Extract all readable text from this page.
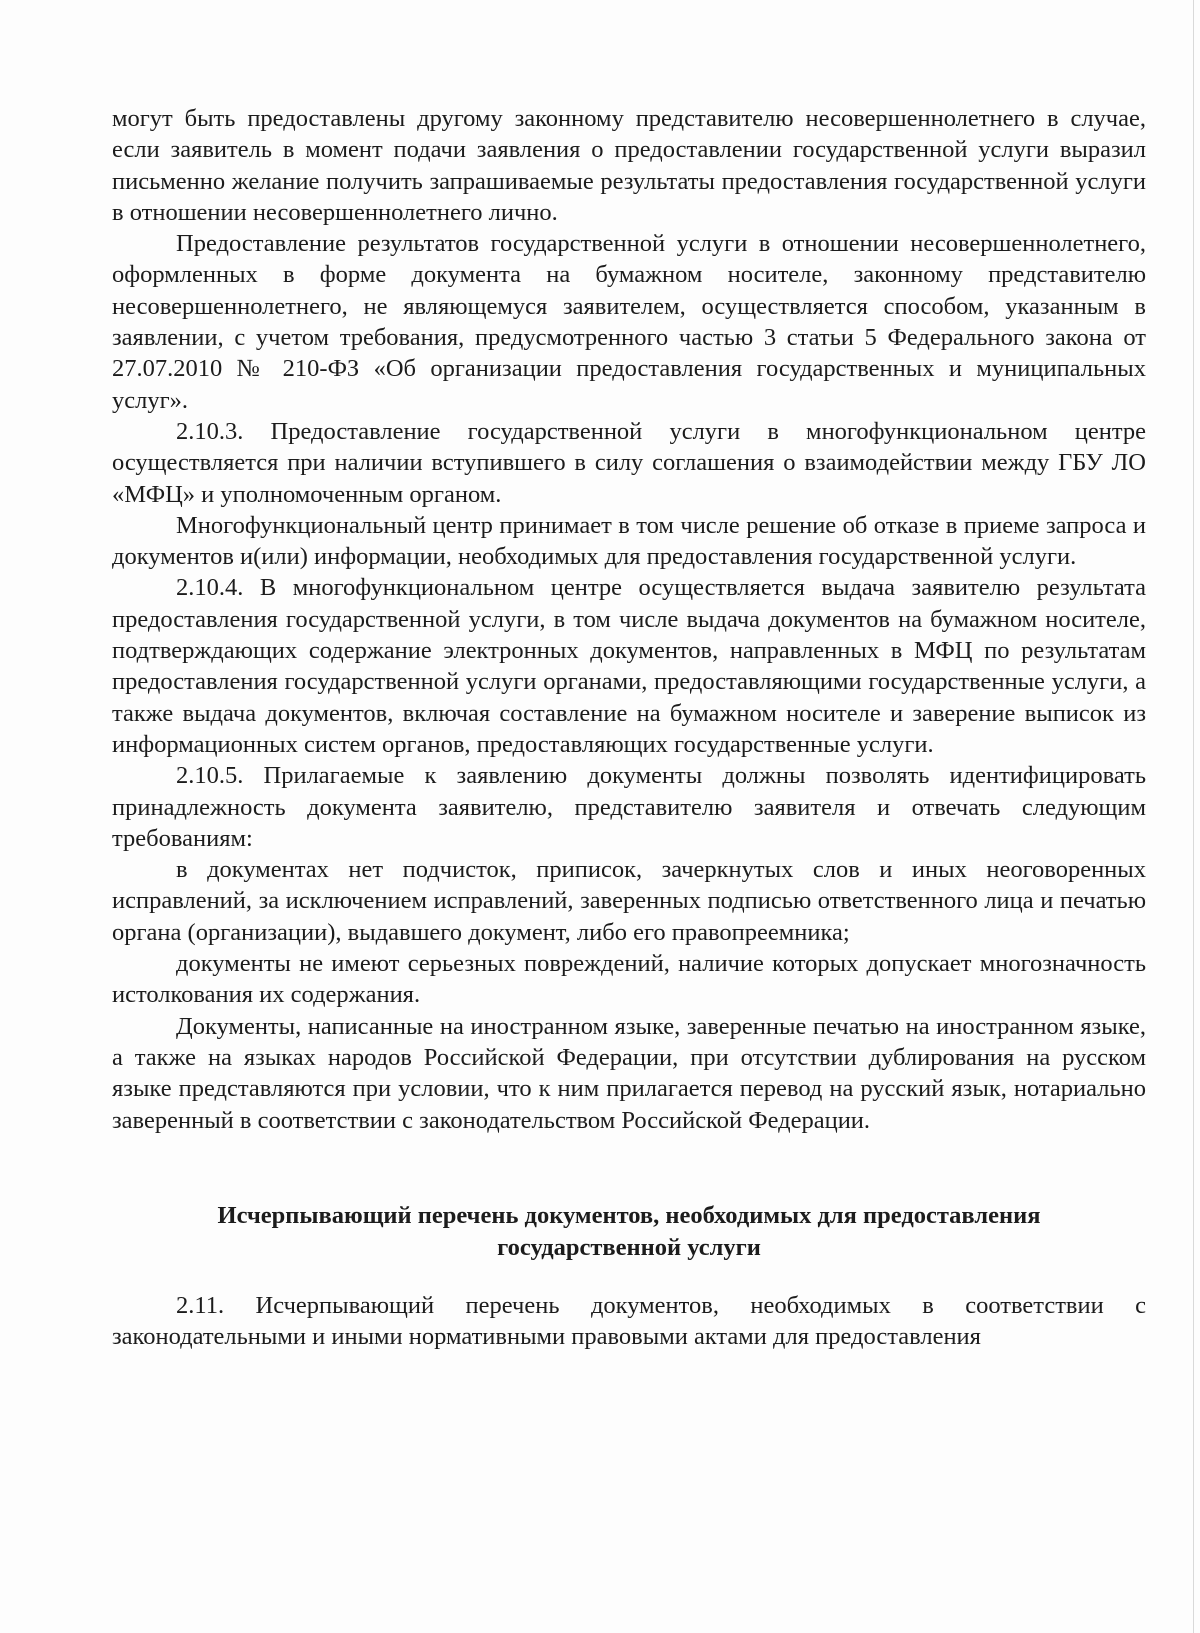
могут быть предоставлены другому законному представителю несовершеннолетнего в случае, если заявитель в момент подачи заявления о предоставлении государственной услуги выразил письменно желание получить запрашиваемые результаты предоставления государственной услуги в отношении несовершеннолетнего лично.

Предоставление результатов государственной услуги в отношении несовершеннолетнего, оформленных в форме документа на бумажном носителе, законному представителю несовершеннолетнего, не являющемуся заявителем, осуществляется способом, указанным в заявлении, с учетом требования, предусмотренного частью 3 статьи 5 Федерального закона от 27.07.2010 № 210-ФЗ «Об организации предоставления государственных и муниципальных услуг».

2.10.3. Предоставление государственной услуги в многофункциональном центре осуществляется при наличии вступившего в силу соглашения о взаимодействии между ГБУ ЛО «МФЦ» и уполномоченным органом.

Многофункциональный центр принимает в том числе решение об отказе в приеме запроса и документов и(или) информации, необходимых для предоставления государственной услуги.

2.10.4. В многофункциональном центре осуществляется выдача заявителю результата предоставления государственной услуги, в том числе выдача документов на бумажном носителе, подтверждающих содержание электронных документов, направленных в МФЦ по результатам предоставления государственной услуги органами, предоставляющими государственные услуги, а также выдача документов, включая составление на бумажном носителе и заверение выписок из информационных систем органов, предоставляющих государственные услуги.

2.10.5. Прилагаемые к заявлению документы должны позволять идентифицировать принадлежность документа заявителю, представителю заявителя и отвечать следующим требованиям:

в документах нет подчисток, приписок, зачеркнутых слов и иных неоговоренных исправлений, за исключением исправлений, заверенных подписью ответственного лица и печатью органа (организации), выдавшего документ, либо его правопреемника;

документы не имеют серьезных повреждений, наличие которых допускает многозначность истолкования их содержания.

Документы, написанные на иностранном языке, заверенные печатью на иностранном языке, а также на языках народов Российской Федерации, при отсутствии дублирования на русском языке представляются при условии, что к ним прилагается перевод на русский язык, нотариально заверенный в соответствии с законодательством Российской Федерации.

Исчерпывающий перечень документов, необходимых для предоставления государственной услуги

2.11. Исчерпывающий перечень документов, необходимых в соответствии с законодательными и иными нормативными правовыми актами для предоставления
